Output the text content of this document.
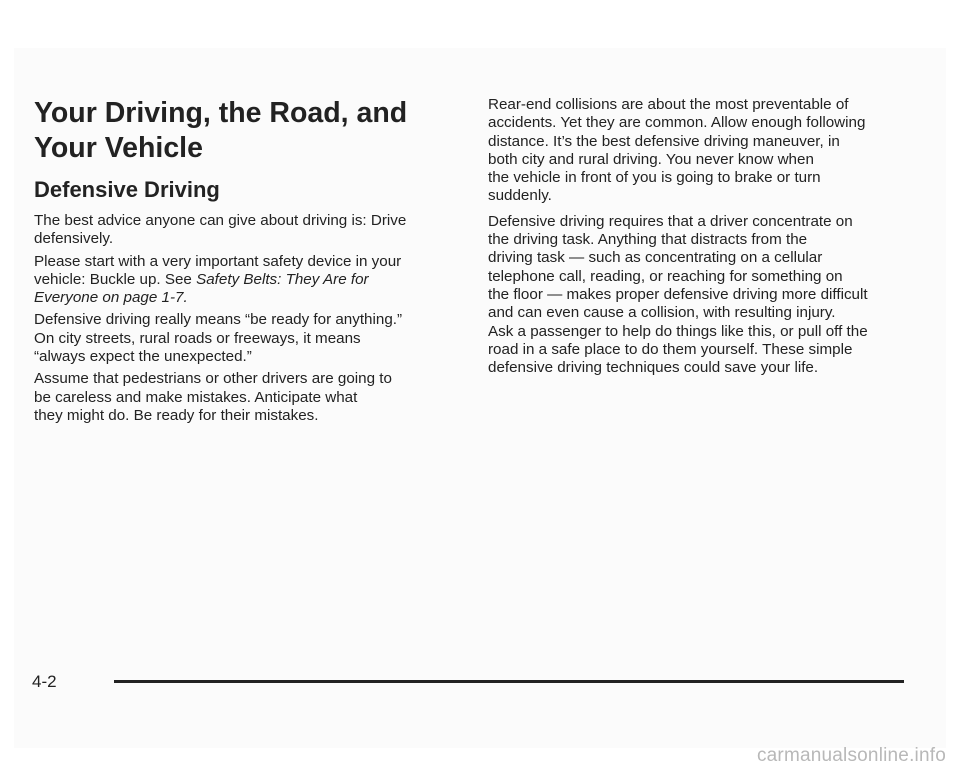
Your Driving, the Road, and
Your Vehicle
Defensive Driving

The best advice anyone can give about driving is: Drive
defensively.

Please start with a very important safety device in your
vehicle: Buckle up. See Safety Belts: They Are for
Everyone on page 1-7.

Defensive driving really means “be ready for anything.”
On city streets, rural roads or freeways, it means
“always expect the unexpected.”

Assume that pedestrians or other drivers are going to
be careless and make mistakes. Anticipate what
they might do. Be ready for their mistakes.

Rear-end collisions are about the most preventable of
accidents. Yet they are common. Allow enough following
distance. It’s the best defensive driving maneuver, in
both city and rural driving. You never know when
the vehicle in front of you is going to brake or turn
suddenly.

Defensive driving requires that a driver concentrate on
the driving task. Anything that distracts from the
driving task — such as concentrating on a cellular
telephone call, reading, or reaching for something on
the floor — makes proper defensive driving more difficult
and can even cause a collision, with resulting injury.
Ask a passenger to help do things like this, or pull off the
road in a safe place to do them yourself. These simple
defensive driving techniques could save your life.

4-2
carmanualsonline.info
